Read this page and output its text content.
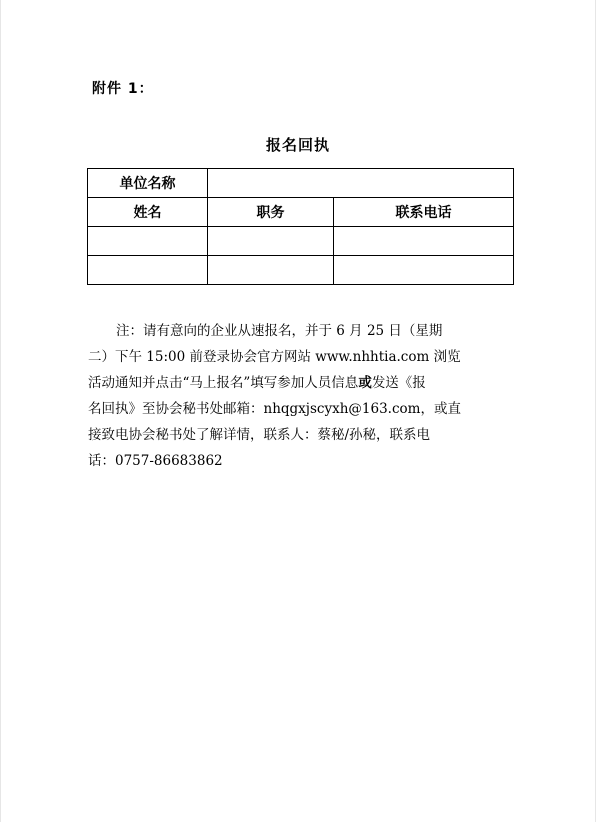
附件 1：
报名回执
单位名称		
姓名	职务	联系电话

注：请有意向的企业从速报名，并于 6 月 25 日（星期
二）下午 15:00 前登录协会官方网站 www.nhhtia.com 浏览
活动通知并点击“马上报名”填写参加人员信息或发送《报
名回执》至协会秘书处邮箱：nhqgxjscyxh@163.com，或直
接致电协会秘书处了解详情，联系人：蔡秘/孙秘，联系电
话：0757-86683862
